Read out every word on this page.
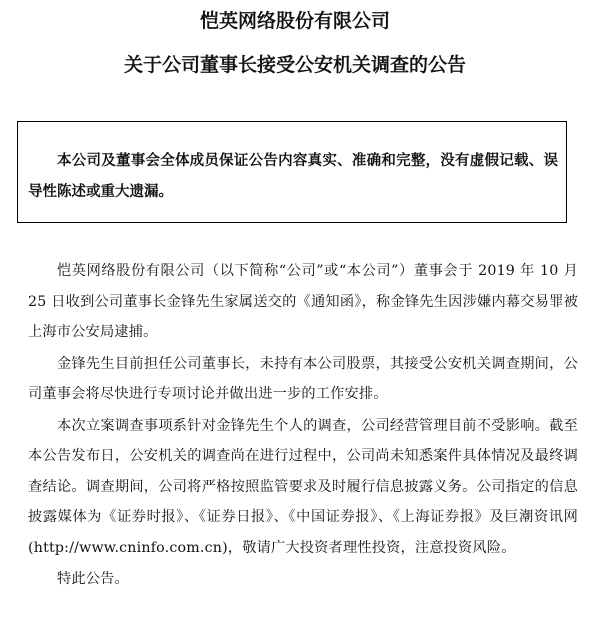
恺英网络股份有限公司
关于公司董事长接受公安机关调查的公告

本公司及董事会全体成员保证公告内容真实、准确和完整，没有虚假记载、误导性陈述或重大遗漏。

恺英网络股份有限公司（以下简称“公司”或“本公司”）董事会于 2019 年 10 月 25 日收到公司董事长金锋先生家属送交的《通知函》，称金锋先生因涉嫌内幕交易罪被上海市公安局逮捕。

金锋先生目前担任公司董事长，未持有本公司股票，其接受公安机关调查期间，公司董事会将尽快进行专项讨论并做出进一步的工作安排。

本次立案调查事项系针对金锋先生个人的调查，公司经营管理目前不受影响。截至本公告发布日，公安机关的调查尚在进行过程中，公司尚未知悉案件具体情况及最终调查结论。调查期间，公司将严格按照监管要求及时履行信息披露义务。公司指定的信息披露媒体为《证券时报》、《证券日报》、《中国证券报》、《上海证券报》及巨潮资讯网(http://www.cninfo.com.cn)，敬请广大投资者理性投资，注意投资风险。

特此公告。
